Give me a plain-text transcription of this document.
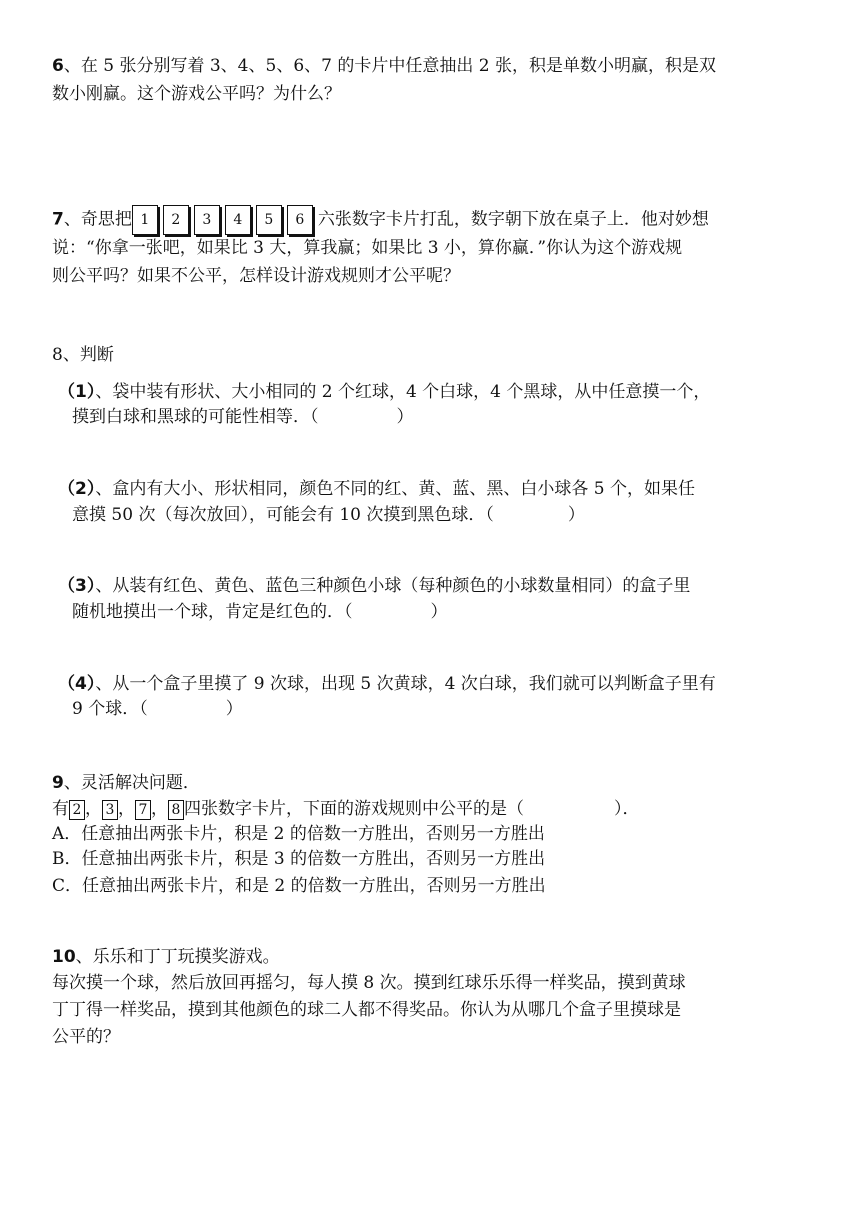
6、在 5 张分别写着 3、4、5、6、7 的卡片中任意抽出 2 张，积是单数小明赢，积是双
数小刚赢。这个游戏公平吗？为什么？
7、奇思把 1 2 3 4 5 6 六张数字卡片打乱，数字朝下放在桌子上．他对妙想
说：“你拿一张吧，如果比 3 大，算我赢；如果比 3 小，算你赢．”你认为这个游戏规
则公平吗？如果不公平，怎样设计游戏规则才公平呢？
8、判断
（1）、袋中装有形状、大小相同的 2 个红球，4 个白球，4 个黑球，从中任意摸一个，
摸到白球和黑球的可能性相等．（	）
（2）、盒内有大小、形状相同，颜色不同的红、黄、蓝、黑、白小球各 5 个，如果任
意摸 50 次（每次放回），可能会有 10 次摸到黑色球．（	）
（3）、从装有红色、黄色、蓝色三种颜色小球（每种颜色的小球数量相同）的盒子里
随机地摸出一个球，肯定是红色的．（	）
（4）、从一个盒子里摸了 9 次球，出现 5 次黄球，4 次白球，我们就可以判断盒子里有
9 个球．（	）
9、灵活解决问题．
有 2 ， 3 ， 7 ， 8 四张数字卡片，下面的游戏规则中公平的是（	）．
A．任意抽出两张卡片，积是 2 的倍数一方胜出，否则另一方胜出
B．任意抽出两张卡片，积是 3 的倍数一方胜出，否则另一方胜出
C．任意抽出两张卡片，和是 2 的倍数一方胜出，否则另一方胜出
10、乐乐和丁丁玩摸奖游戏。
每次摸一个球，然后放回再摇匀，每人摸 8 次。摸到红球乐乐得一样奖品，摸到黄球
丁丁得一样奖品，摸到其他颜色的球二人都不得奖品。你认为从哪几个盒子里摸球是
公平的？
